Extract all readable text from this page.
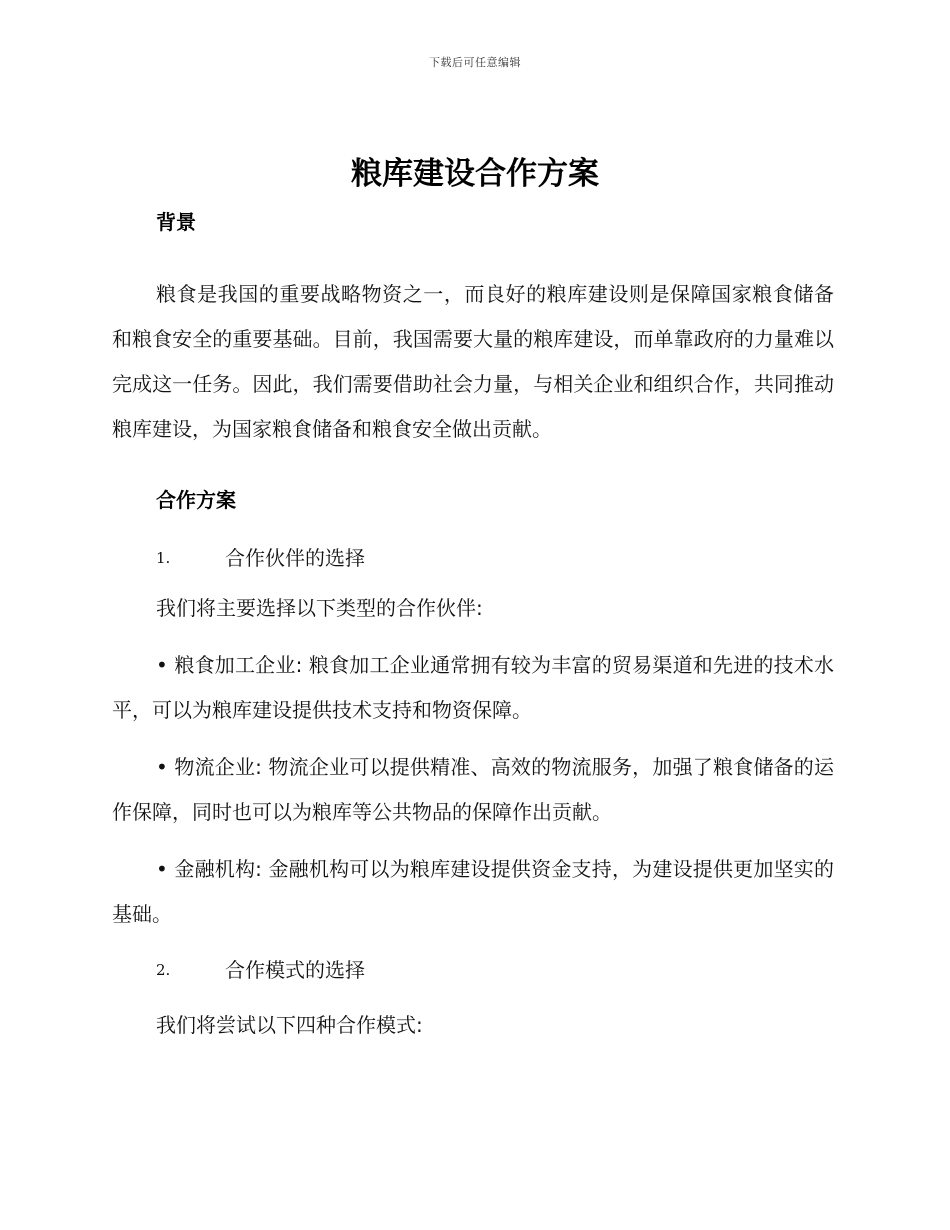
下载后可任意编辑
粮库建设合作方案

背景

粮食是我国的重要战略物资之一，而良好的粮库建设则是保障国家粮食储备和粮食安全的重要基础。目前，我国需要大量的粮库建设，而单靠政府的力量难以完成这一任务。因此，我们需要借助社会力量，与相关企业和组织合作，共同推动粮库建设，为国家粮食储备和粮食安全做出贡献。

合作方案

1.	合作伙伴的选择

我们将主要选择以下类型的合作伙伴:

• 粮食加工企业: 粮食加工企业通常拥有较为丰富的贸易渠道和先进的技术水平，可以为粮库建设提供技术支持和物资保障。

• 物流企业: 物流企业可以提供精准、高效的物流服务，加强了粮食储备的运作保障，同时也可以为粮库等公共物品的保障作出贡献。

• 金融机构: 金融机构可以为粮库建设提供资金支持，为建设提供更加坚实的基础。

2.	合作模式的选择

我们将尝试以下四种合作模式:
